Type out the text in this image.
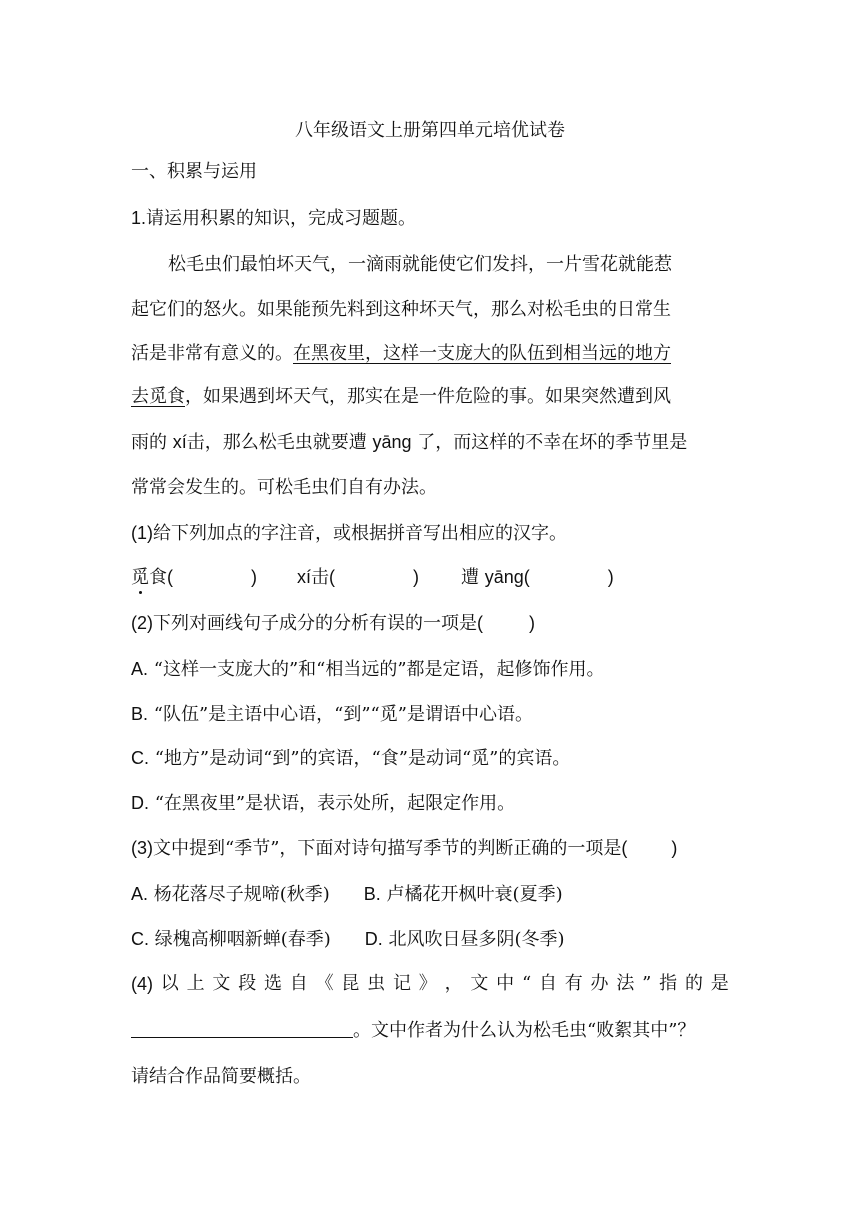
八年级语文上册第四单元培优试卷
一、积累与运用
1.请运用积累的知识，完成习题题。
松毛虫们最怕坏天气，一滴雨就能使它们发抖，一片雪花就能惹
起它们的怒火。如果能预先料到这种坏天气，那么对松毛虫的日常生
活是非常有意义的。在黑夜里，这样一支庞大的队伍到相当远的地方
去觅食，如果遇到坏天气，那实在是一件危险的事。如果突然遭到风
雨的 xí击，那么松毛虫就要遭 yāng 了，而这样的不幸在坏的季节里是
常常会发生的。可松毛虫们自有办法。
(1)给下列加点的字注音，或根据拼音写出相应的汉字。
觅食(	) xí击(	) 遭 yāng(	)
(2)下列对画线句子成分的分析有误的一项是(	)
A. “这样一支庞大的”和“相当远的”都是定语，起修饰作用。
B. “队伍”是主语中心语，“到”“觅”是谓语中心语。
C. “地方”是动词“到”的宾语，“食”是动词“觅”的宾语。
D. “在黑夜里”是状语，表示处所，起限定作用。
(3)文中提到“季节”，下面对诗句描写季节的判断正确的一项是( )
A. 杨花落尽子规啼(秋季) B. 卢橘花开枫叶衰(夏季)
C. 绿槐高柳咽新蝉(春季) D. 北风吹日昼多阴(冬季)
(4) 以 上 文 段 选 自 《 昆 虫 记 》 ， 文 中 “ 自 有 办 法 ” 指 的 是
。文中作者为什么认为松毛虫“败絮其中”？
请结合作品简要概括。
